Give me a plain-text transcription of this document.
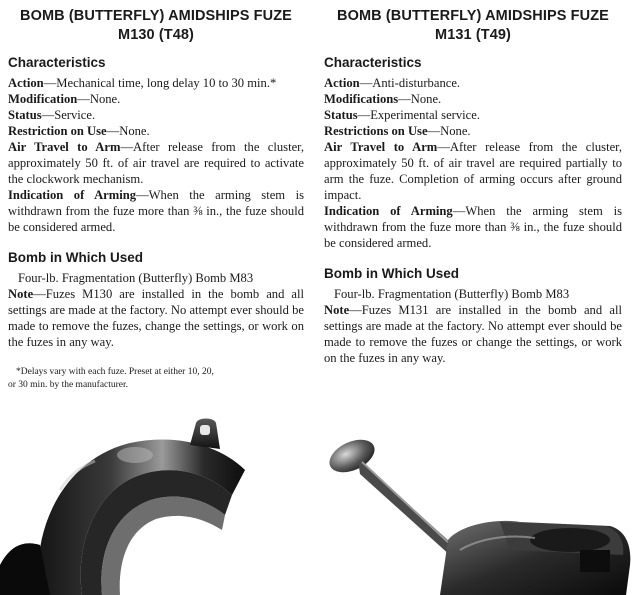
BOMB (BUTTERFLY) AMIDSHIPS FUZE
M130 (T48)
Characteristics

Action—Mechanical time, long delay 10 to 30 min.*

Modification—None.

Status—Service.

Restriction on Use—None.

Air Travel to Arm—After release from the cluster, approximately 50 ft. of air travel are required to activate the clockwork mechanism.

Indication of Arming—When the arming stem is withdrawn from the fuze more than ⅜ in., the fuze should be considered armed.

Bomb in Which Used

Four-lb. Fragmentation (Butterfly) Bomb M83

Note—Fuzes M130 are installed in the bomb and all settings are made at the factory. No attempt ever should be made to remove the fuzes, change the settings, or work on the fuzes in any way.

*Delays vary with each fuze. Preset at either 10, 20,
or 30 min. by the manufacturer.
BOMB (BUTTERFLY) AMIDSHIPS FUZE
M131 (T49)
Characteristics

Action—Anti-disturbance.

Modifications—None.

Status—Experimental service.

Restrictions on Use—None.

Air Travel to Arm—After release from the cluster, approximately 50 ft. of air travel are required partially to arm the fuze. Completion of arming occurs after ground impact.

Indication of Arming—When the arming stem is withdrawn from the fuze more than ⅜ in., the fuze should be considered armed.

Bomb in Which Used

Four-lb. Fragmentation (Butterfly) Bomb M83

Note—Fuzes M131 are installed in the bomb and all settings are made at the factory. No attempt ever should be made to remove the fuzes or change the settings, or work on the fuzes in any way.
